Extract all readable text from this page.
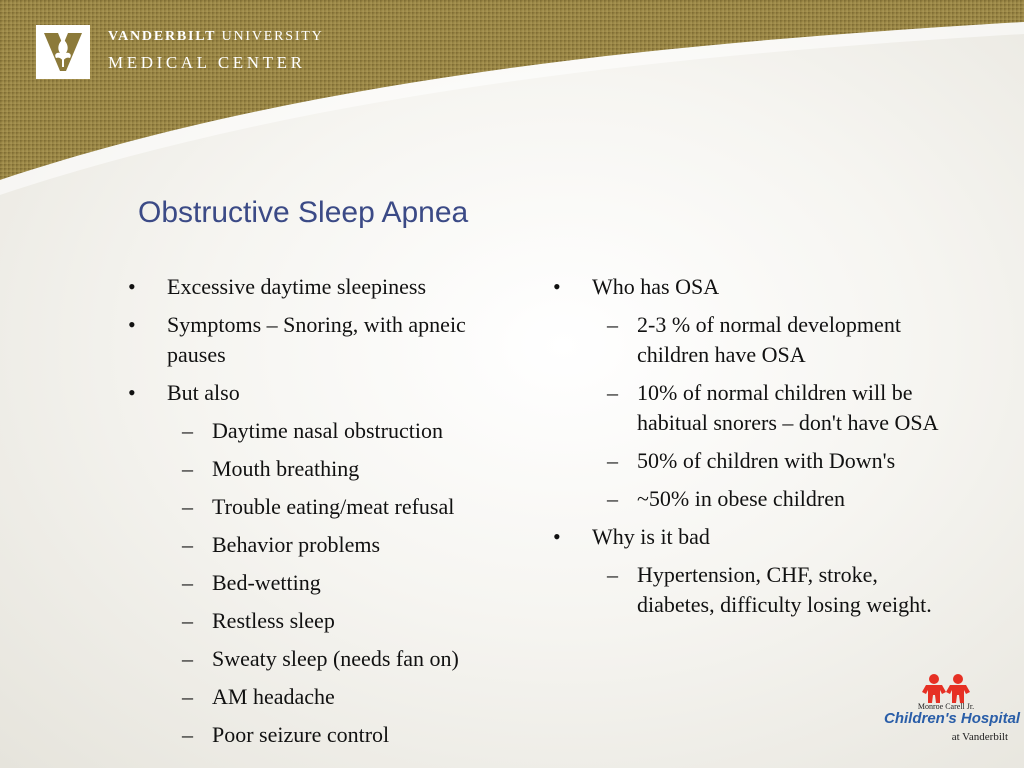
VANDERBILT UNIVERSITY
MEDICAL CENTER
Obstructive Sleep Apnea
• Excessive daytime sleepiness
• Symptoms – Snoring, with apneic pauses
• But also
– Daytime nasal obstruction
– Mouth breathing
– Trouble eating/meat refusal
– Behavior problems
– Bed-wetting
– Restless sleep
– Sweaty sleep (needs fan on)
– AM headache
– Poor seizure control
• Who has OSA
– 2-3 % of normal development children have OSA
– 10% of normal children will be habitual snorers – don't have OSA
– 50% of children with Down's
– ~50% in obese children
• Why is it bad
– Hypertension, CHF, stroke, diabetes, difficulty losing weight.
Monroe Carell Jr.
Children's Hospital
at Vanderbilt
